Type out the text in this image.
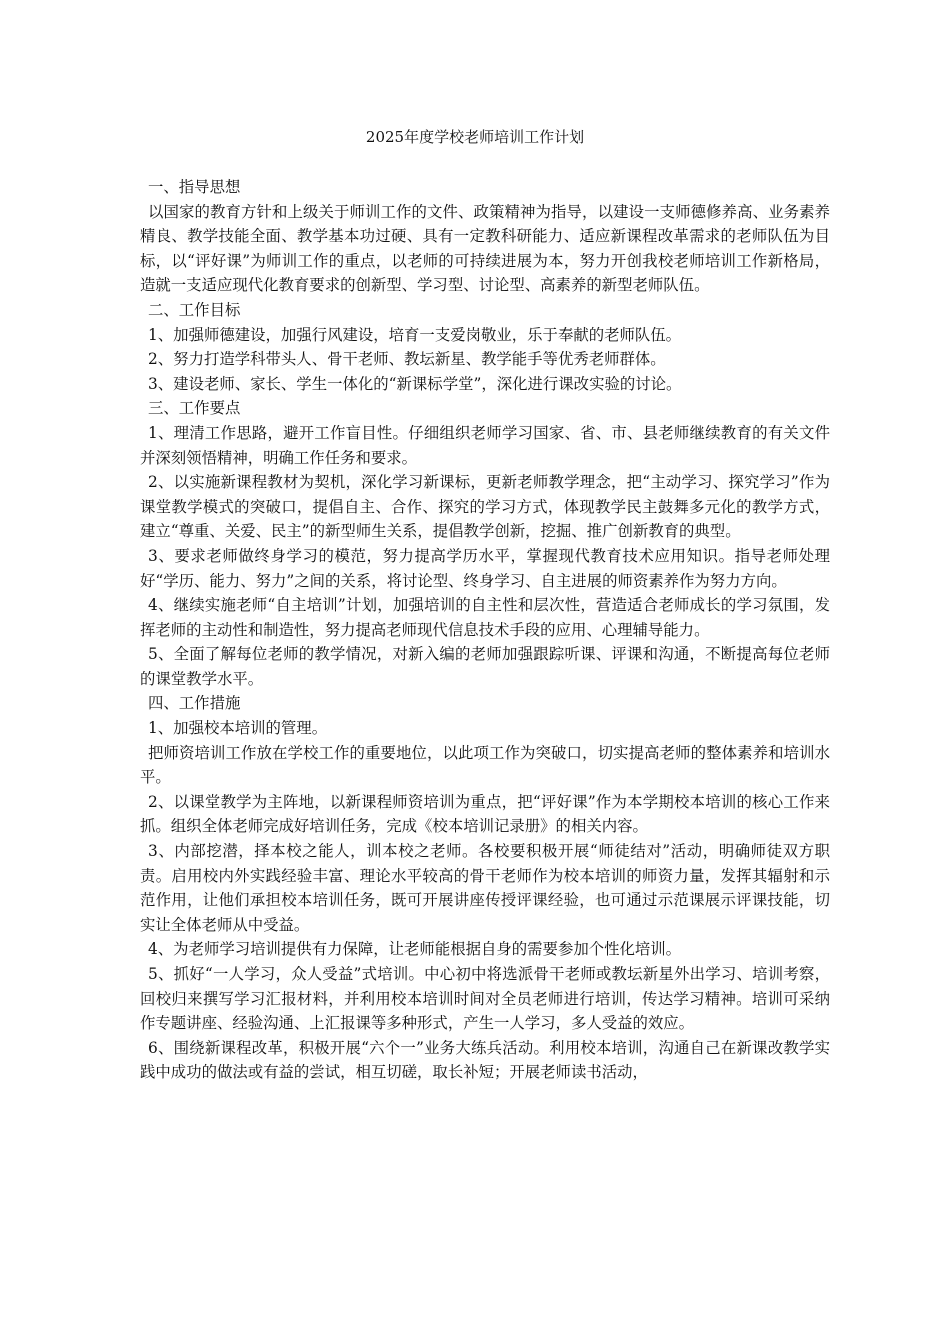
2025年度学校老师培训工作计划

一、指导思想

以国家的教育方针和上级关于师训工作的文件、政策精神为指导，以建设一支师德修养高、业务素养精良、教学技能全面、教学基本功过硬、具有一定教科研能力、适应新课程改革需求的老师队伍为目标，以“评好课”为师训工作的重点，以老师的可持续进展为本，努力开创我校老师培训工作新格局，造就一支适应现代化教育要求的创新型、学习型、讨论型、高素养的新型老师队伍。

二、工作目标

1、加强师德建设，加强行风建设，培育一支爱岗敬业，乐于奉献的老师队伍。

2、努力打造学科带头人、骨干老师、教坛新星、教学能手等优秀老师群体。

3、建设老师、家长、学生一体化的“新课标学堂”，深化进行课改实验的讨论。

三、工作要点

1、理清工作思路，避开工作盲目性。仔细组织老师学习国家、省、市、县老师继续教育的有关文件并深刻领悟精神，明确工作任务和要求。

2、以实施新课程教材为契机，深化学习新课标，更新老师教学理念，把“主动学习、探究学习”作为课堂教学模式的突破口，提倡自主、合作、探究的学习方式，体现教学民主鼓舞多元化的教学方式，建立“尊重、关爱、民主”的新型师生关系，提倡教学创新，挖掘、推广创新教育的典型。

3、要求老师做终身学习的模范，努力提高学历水平，掌握现代教育技术应用知识。指导老师处理好“学历、能力、努力”之间的关系，将讨论型、终身学习、自主进展的师资素养作为努力方向。

4、继续实施老师“自主培训”计划，加强培训的自主性和层次性，营造适合老师成长的学习氛围，发挥老师的主动性和制造性，努力提高老师现代信息技术手段的应用、心理辅导能力。

5、全面了解每位老师的教学情况，对新入编的老师加强跟踪听课、评课和沟通，不断提高每位老师的课堂教学水平。

四、工作措施

1、加强校本培训的管理。

把师资培训工作放在学校工作的重要地位，以此项工作为突破口，切实提高老师的整体素养和培训水平。

2、以课堂教学为主阵地，以新课程师资培训为重点，把“评好课”作为本学期校本培训的核心工作来抓。组织全体老师完成好培训任务，完成《校本培训记录册》的相关内容。

3、内部挖潜，择本校之能人，训本校之老师。各校要积极开展“师徒结对”活动，明确师徒双方职责。启用校内外实践经验丰富、理论水平较高的骨干老师作为校本培训的师资力量，发挥其辐射和示范作用，让他们承担校本培训任务，既可开展讲座传授评课经验，也可通过示范课展示评课技能，切实让全体老师从中受益。

4、为老师学习培训提供有力保障，让老师能根据自身的需要参加个性化培训。

5、抓好“一人学习，众人受益”式培训。中心初中将选派骨干老师或教坛新星外出学习、培训考察，回校归来撰写学习汇报材料，并利用校本培训时间对全员老师进行培训，传达学习精神。培训可采纳作专题讲座、经验沟通、上汇报课等多种形式，产生一人学习，多人受益的效应。

6、围绕新课程改革，积极开展“六个一”业务大练兵活动。利用校本培训，沟通自己在新课改教学实践中成功的做法或有益的尝试，相互切磋，取长补短；开展老师读书活动，
